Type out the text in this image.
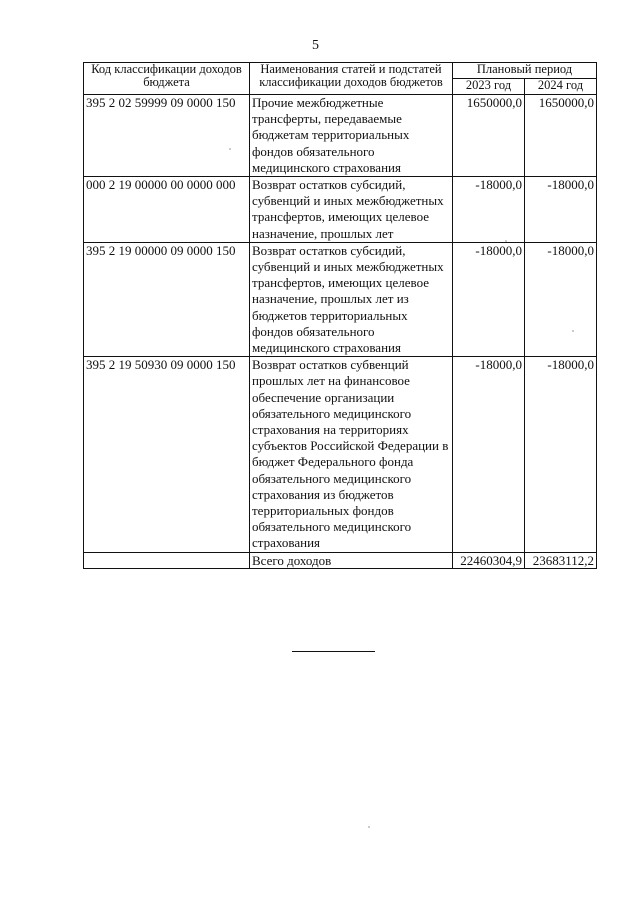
5
Код классификации доходов бюджета	Наименования статей и подстатей классификации доходов бюджетов	Плановый период	
		2023 год	2024 год
395 2 02 59999 09 0000 150	Прочие межбюджетные трансферты, передаваемые бюджетам территориальных фондов обязательного медицинского страхования	1650000,0	1650000,0
000 2 19 00000 00 0000 000	Возврат остатков субсидий, субвенций и иных межбюджетных трансфертов, имеющих целевое назначение, прошлых лет	-18000,0	-18000,0
395 2 19 00000 09 0000 150	Возврат остатков субсидий, субвенций и иных межбюджетных трансфертов, имеющих целевое назначение, прошлых лет из бюджетов территориальных фондов обязательного медицинского страхования	-18000,0	-18000,0
395 2 19 50930 09 0000 150	Возврат остатков субвенций прошлых лет на финансовое обеспечение организации обязательного медицинского страхования на территориях субъектов Российской Федерации в бюджет Федерального фонда обязательного медицинского страхования из бюджетов территориальных фондов обязательного медицинского страхования	-18000,0	-18000,0
	Всего доходов	22460304,9	23683112,2
